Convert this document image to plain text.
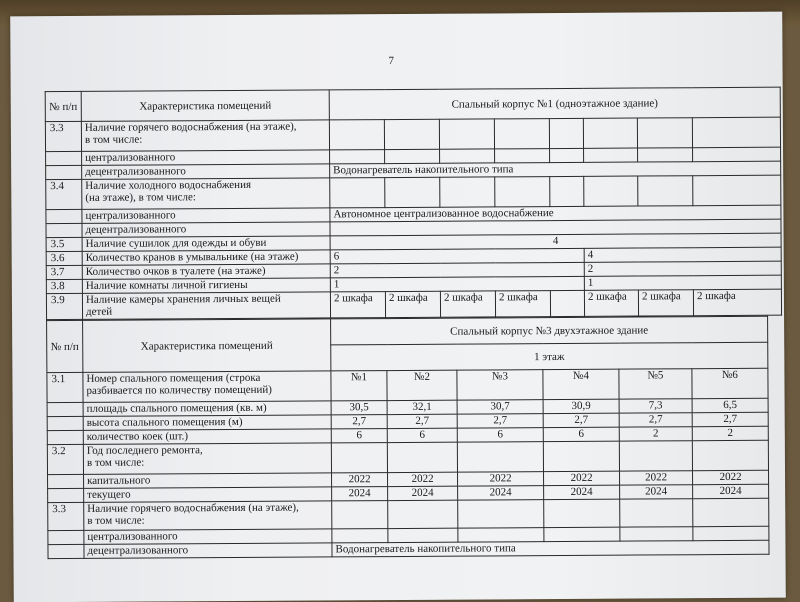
7
№ п/п	Характеристика помещений	Спальный корпус №1 (одноэтажное здание)							
3.3	Наличие горячего водоснабжения (на этаже),
в том числе:								
	централизованного								
	децентрализованного	Водонагреватель накопительного типа							
3.4	Наличие холодного водоснабжения
(на этаже), в том числе:								
	централизованного	Автономное централизованное водоснабжение							
	децентрализованного								
3.5	Наличие сушилок для одежды и обуви	4							
3.6	Количество кранов в умывальнике (на этаже)	6					4		
3.7	Количество очков в туалете (на этаже)	2					2		
3.8	Наличие комнаты личной гигиены	1					1		
3.9	Наличие камеры хранения личных вещей
детей	2 шкафа	2 шкафа	2 шкафа	2 шкафа		2 шкафа	2 шкафа	2 шкафа
№ п/п	Характеристика помещений	Спальный корпус №3 двухэтажное здание					
		1 этаж					
3.1	Номер спального помещения (строка
разбивается по количеству помещений)	№1	№2	№3	№4	№5	№6
	площадь спального помещения (кв. м)	30,5	32,1	30,7	30,9	7,3	6,5
	высота спального помещения (м)	2,7	2,7	2,7	2,7	2,7	2,7
	количество коек (шт.)	6	6	6	6	2	2
3.2	Год последнего ремонта,
в том числе:						
	капитального	2022	2022	2022	2022	2022	2022
	текущего	2024	2024	2024	2024	2024	2024
3.3	Наличие горячего водоснабжения (на этаже),
в том числе:						
	централизованного						
	децентрализованного	Водонагреватель накопительного типа					
